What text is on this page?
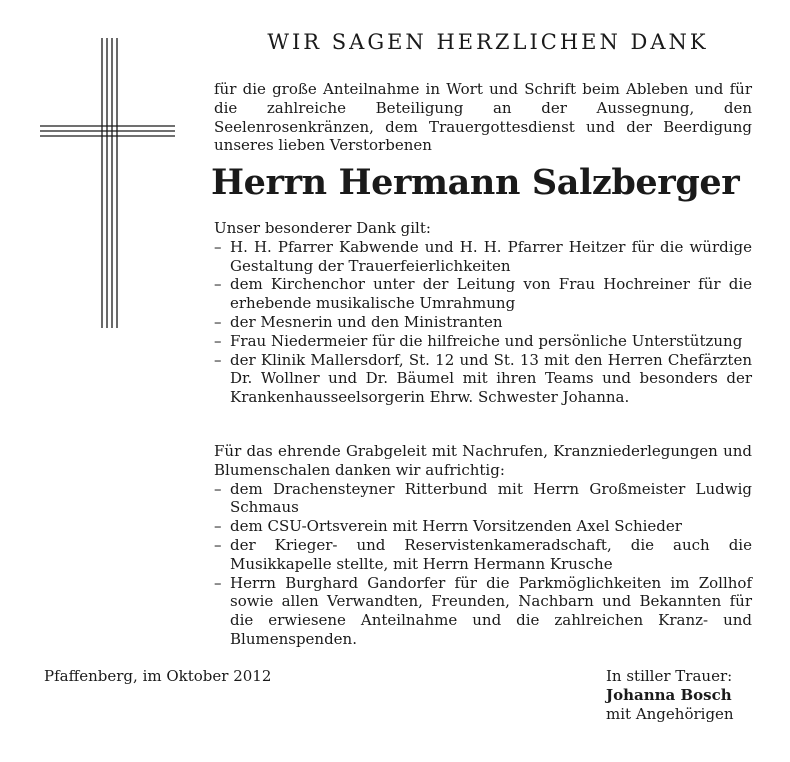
WIR SAGEN HERZLICHEN DANK
für die große Anteilnahme in Wort und Schrift beim Ableben und für die zahlreiche Beteiligung an der Aussegnung, den Seelenrosenkränzen, dem Trauergottesdienst und der Beerdigung unseres lieben Verstorbenen
Herrn Hermann Salzberger
Unser besonderer Dank gilt:
– H. H. Pfarrer Kabwende und H. H. Pfarrer Heitzer für die würdige Gestaltung der Trauerfeierlichkeiten
– dem Kirchenchor unter der Leitung von Frau Hochreiner für die erhebende musikalische Umrahmung
– der Mesnerin und den Ministranten
– Frau Niedermeier für die hilfreiche und persönliche Unterstützung
– der Klinik Mallersdorf, St. 12 und St. 13 mit den Herren Chefärzten Dr. Wollner und Dr. Bäumel mit ihren Teams und besonders der Krankenhausseelsorgerin Ehrw. Schwester Johanna.
Für das ehrende Grabgeleit mit Nachrufen, Kranzniederlegungen und Blumenschalen danken wir aufrichtig:
– dem Drachensteyner Ritterbund mit Herrn Großmeister Ludwig Schmaus
– dem CSU-Ortsverein mit Herrn Vorsitzenden Axel Schieder
– der Krieger- und Reservistenkameradschaft, die auch die Musikkapelle stellte, mit Herrn Hermann Krusche
– Herrn Burghard Gandorfer für die Parkmöglichkeiten im Zollhof sowie allen Verwandten, Freunden, Nachbarn und Bekannten für die erwiesene Anteilnahme und die zahlreichen Kranz- und Blumenspenden.
Pfaffenberg, im Oktober 2012	In stiller Trauer:
Johanna Bosch
mit Angehörigen
